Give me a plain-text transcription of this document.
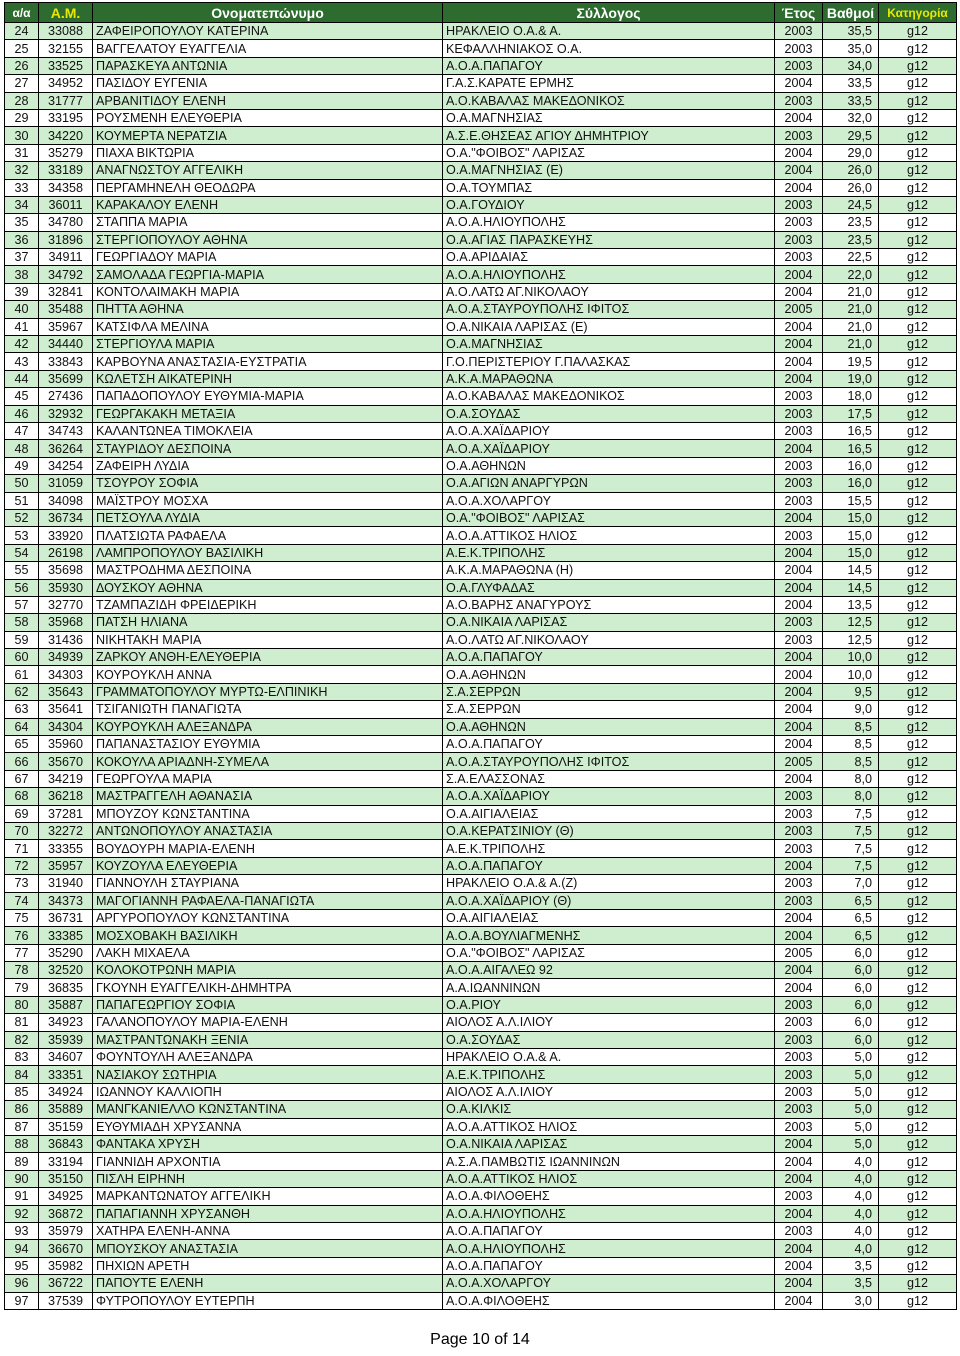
α/α	Α.Μ.	Ονοματεπώνυμο	Σύλλογος	Έτος	Βαθμοί	Κατηγορία
24	33088	ΖΑΦΕΙΡΟΠΟΥΛΟΥ ΚΑΤΕΡΙΝΑ	ΗΡΑΚΛΕΙΟ Ο.Α.& Α.	2003	35,5	g12
25	32155	ΒΑΓΓΕΛΑΤΟΥ ΕΥΑΓΓΕΛΙΑ	ΚΕΦΑΛΛΗΝΙΑΚΟΣ Ο.Α.	2003	35,0	g12
26	33525	ΠΑΡΑΣΚΕΥΑ ΑΝΤΩΝΙΑ	Α.Ο.Α.ΠΑΠΑΓΟΥ	2003	34,0	g12
27	34952	ΠΑΣΙΔΟΥ ΕΥΓΕΝΙΑ	Γ.Α.Σ.ΚΑΡΑΤΕ ΕΡΜΗΣ	2004	33,5	g12
28	31777	ΑΡΒΑΝΙΤΙΔΟΥ ΕΛΕΝΗ	Α.Ο.ΚΑΒΑΛΑΣ ΜΑΚΕΔΟΝΙΚΟΣ	2003	33,5	g12
29	33195	ΡΟΥΣΜΕΝΗ ΕΛΕΥΘΕΡΙΑ	Ο.Α.ΜΑΓΝΗΣΙΑΣ	2004	32,0	g12
30	34220	ΚΟΥΜΕΡΤΑ ΝΕΡΑΤΖΙΑ	Α.Σ.Ε.ΘΗΣΕΑΣ ΑΓΙΟΥ ΔΗΜΗΤΡΙΟΥ	2003	29,5	g12
31	35279	ΠΙΑΧΑ ΒΙΚΤΩΡΙΑ	Ο.Α."ΦΟΙΒΟΣ" ΛΑΡΙΣΑΣ	2004	29,0	g12
32	33189	ΑΝΑΓΝΩΣΤΟΥ ΑΓΓΕΛΙΚΗ	Ο.Α.ΜΑΓΝΗΣΙΑΣ (Ε)	2004	26,0	g12
33	34358	ΠΕΡΓΑΜΗΝΕΛΗ ΘΕΟΔΩΡΑ	Ο.Α.ΤΟΥΜΠΑΣ	2004	26,0	g12
34	36011	ΚΑΡΑΚΑΛΟΥ ΕΛΕΝΗ	Ο.Α.ΓΟΥΔΙΟΥ	2003	24,5	g12
35	34780	ΣΤΑΠΠΑ ΜΑΡΙΑ	Α.Ο.Α.ΗΛΙΟΥΠΟΛΗΣ	2003	23,5	g12
36	31896	ΣΤΕΡΓΙΟΠΟΥΛΟΥ ΑΘΗΝΑ	Ο.Α.ΑΓΙΑΣ ΠΑΡΑΣΚΕΥΗΣ	2003	23,5	g12
37	34911	ΓΕΩΡΓΙΑΔΟΥ ΜΑΡΙΑ	Ο.Α.ΑΡΙΔΑΙΑΣ	2003	22,5	g12
38	34792	ΣΑΜΟΛΑΔΑ ΓΕΩΡΓΙΑ-ΜΑΡΙΑ	Α.Ο.Α.ΗΛΙΟΥΠΟΛΗΣ	2004	22,0	g12
39	32841	ΚΟΝΤΟΛΑΙΜΑΚΗ ΜΑΡΙΑ	Α.Ο.ΛΑΤΩ ΑΓ.ΝΙΚΟΛΑΟΥ	2004	21,0	g12
40	35488	ΠΗΤΤΑ ΑΘΗΝΑ	Α.Ο.Α.ΣΤΑΥΡΟΥΠΟΛΗΣ ΙΦΙΤΟΣ	2005	21,0	g12
41	35967	ΚΑΤΣΙΦΛΑ ΜΕΛΙΝΑ	Ο.Α.ΝΙΚΑΙΑ ΛΑΡΙΣΑΣ (Ε)	2004	21,0	g12
42	34440	ΣΤΕΡΓΙΟΥΛΑ ΜΑΡΙΑ	Ο.Α.ΜΑΓΝΗΣΙΑΣ	2004	21,0	g12
43	33843	ΚΑΡΒΟΥΝΑ ΑΝΑΣΤΑΣΙΑ-ΕΥΣΤΡΑΤΙΑ	Γ.Ο.ΠΕΡΙΣΤΕΡΙΟΥ Γ.ΠΑΛΑΣΚΑΣ	2004	19,5	g12
44	35699	ΚΩΛΕΤΣΗ ΑΙΚΑΤΕΡΙΝΗ	Α.Κ.Α.ΜΑΡΑΘΩΝΑ	2004	19,0	g12
45	27436	ΠΑΠΑΔΟΠΟΥΛΟΥ ΕΥΘΥΜΙΑ-ΜΑΡΙΑ	Α.Ο.ΚΑΒΑΛΑΣ ΜΑΚΕΔΟΝΙΚΟΣ	2003	18,0	g12
46	32932	ΓΕΩΡΓΑΚΑΚΗ ΜΕΤΑΞΙΑ	Ο.Α.ΣΟΥΔΑΣ	2003	17,5	g12
47	34743	ΚΑΛΑΝΤΩΝΕΑ ΤΙΜΟΚΛΕΙΑ	Α.Ο.Α.ΧΑΪΔΑΡΙΟΥ	2003	16,5	g12
48	36264	ΣΤΑΥΡΙΔΟΥ ΔΕΣΠΟΙΝΑ	Α.Ο.Α.ΧΑΪΔΑΡΙΟΥ	2004	16,5	g12
49	34254	ΖΑΦΕΙΡΗ ΛΥΔΙΑ	Ο.Α.ΑΘΗΝΩΝ	2003	16,0	g12
50	31059	ΤΣΟΥΡΟΥ ΣΟΦΙΑ	Ο.Α.ΑΓΙΩΝ ΑΝΑΡΓΥΡΩΝ	2003	16,0	g12
51	34098	ΜΑΪΣΤΡΟΥ ΜΟΣΧΑ	Α.Ο.Α.ΧΟΛΑΡΓΟΥ	2003	15,5	g12
52	36734	ΠΕΤΣΟΥΛΑ ΛΥΔΙΑ	Ο.Α."ΦΟΙΒΟΣ" ΛΑΡΙΣΑΣ	2004	15,0	g12
53	33920	ΠΛΑΤΣΙΩΤΑ ΡΑΦΑΕΛΑ	Α.Ο.Α.ΑΤΤΙΚΟΣ ΗΛΙΟΣ	2003	15,0	g12
54	26198	ΛΑΜΠΡΟΠΟΥΛΟΥ ΒΑΣΙΛΙΚΗ	Α.Ε.Κ.ΤΡΙΠΟΛΗΣ	2004	15,0	g12
55	35698	ΜΑΣΤΡΟΔΗΜΑ ΔΕΣΠΟΙΝΑ	Α.Κ.Α.ΜΑΡΑΘΩΝΑ (Η)	2004	14,5	g12
56	35930	ΔΟΥΣΚΟΥ ΑΘΗΝΑ	Ο.Α.ΓΛΥΦΑΔΑΣ	2004	14,5	g12
57	32770	ΤΖΑΜΠΑΖΙΔΗ ΦΡΕΙΔΕΡΙΚΗ	Α.Ο.ΒΑΡΗΣ ΑΝΑΓΥΡΟΥΣ	2004	13,5	g12
58	35968	ΠΑΤΣΗ ΗΛΙΑΝΑ	Ο.Α.ΝΙΚΑΙΑ ΛΑΡΙΣΑΣ	2003	12,5	g12
59	31436	ΝΙΚΗΤΑΚΗ ΜΑΡΙΑ	Α.Ο.ΛΑΤΩ ΑΓ.ΝΙΚΟΛΑΟΥ	2003	12,5	g12
60	34939	ΖΑΡΚΟΥ ΑΝΘΗ-ΕΛΕΥΘΕΡΙΑ	Α.Ο.Α.ΠΑΠΑΓΟΥ	2004	10,0	g12
61	34303	ΚΟΥΡΟΥΚΛΗ ΑΝΝΑ	Ο.Α.ΑΘΗΝΩΝ	2004	10,0	g12
62	35643	ΓΡΑΜΜΑΤΟΠΟΥΛΟΥ ΜΥΡΤΩ-ΕΛΠΙΝΙΚΗ	Σ.Α.ΣΕΡΡΩΝ	2004	9,5	g12
63	35641	ΤΣΙΓΑΝΙΩΤΗ ΠΑΝΑΓΙΩΤΑ	Σ.Α.ΣΕΡΡΩΝ	2004	9,0	g12
64	34304	ΚΟΥΡΟΥΚΛΗ ΑΛΕΞΑΝΔΡΑ	Ο.Α.ΑΘΗΝΩΝ	2004	8,5	g12
65	35960	ΠΑΠΑΝΑΣΤΑΣΙΟΥ ΕΥΘΥΜΙΑ	Α.Ο.Α.ΠΑΠΑΓΟΥ	2004	8,5	g12
66	35670	ΚΟΚΟΥΛΑ ΑΡΙΑΔΝΗ-ΣΥΜΕΛΑ	Α.Ο.Α.ΣΤΑΥΡΟΥΠΟΛΗΣ ΙΦΙΤΟΣ	2005	8,5	g12
67	34219	ΓΕΩΡΓΟΥΛΑ ΜΑΡΙΑ	Σ.Α.ΕΛΑΣΣΟΝΑΣ	2004	8,0	g12
68	36218	ΜΑΣΤΡΑΓΓΕΛΗ ΑΘΑΝΑΣΙΑ	Α.Ο.Α.ΧΑΪΔΑΡΙΟΥ	2003	8,0	g12
69	37281	ΜΠΟΥΖΟΥ ΚΩΝΣΤΑΝΤΙΝΑ	Ο.Α.ΑΙΓΙΑΛΕΙΑΣ	2003	7,5	g12
70	32272	ΑΝΤΩΝΟΠΟΥΛΟΥ ΑΝΑΣΤΑΣΙΑ	Ο.Α.ΚΕΡΑΤΣΙΝΙΟΥ (Θ)	2003	7,5	g12
71	33355	ΒΟΥΔΟΥΡΗ ΜΑΡΙΑ-ΕΛΕΝΗ	Α.Ε.Κ.ΤΡΙΠΟΛΗΣ	2003	7,5	g12
72	35957	ΚΟΥΖΟΥΛΑ ΕΛΕΥΘΕΡΙΑ	Α.Ο.Α.ΠΑΠΑΓΟΥ	2004	7,5	g12
73	31940	ΓΙΑΝΝΟΥΛΗ ΣΤΑΥΡΙΑΝΑ	ΗΡΑΚΛΕΙΟ Ο.Α.& Α.(Ζ)	2003	7,0	g12
74	34373	ΜΑΓΟΓΙΑΝΝΗ ΡΑΦΑΕΛΑ-ΠΑΝΑΓΙΩΤΑ	Α.Ο.Α.ΧΑΪΔΑΡΙΟΥ (Θ)	2003	6,5	g12
75	36731	ΑΡΓΥΡΟΠΟΥΛΟΥ ΚΩΝΣΤΑΝΤΙΝΑ	Ο.Α.ΑΙΓΙΑΛΕΙΑΣ	2004	6,5	g12
76	33385	ΜΟΣΧΟΒΑΚΗ ΒΑΣΙΛΙΚΗ	Α.Ο.Α.ΒΟΥΛΙΑΓΜΕΝΗΣ	2004	6,5	g12
77	35290	ΛΑΚΗ ΜΙΧΑΕΛΑ	Ο.Α."ΦΟΙΒΟΣ" ΛΑΡΙΣΑΣ	2005	6,0	g12
78	32520	ΚΟΛΟΚΟΤΡΩΝΗ ΜΑΡΙΑ	Α.Ο.Α.ΑΙΓΑΛΕΩ 92	2004	6,0	g12
79	36835	ΓΚΟΥΝΗ ΕΥΑΓΓΕΛΙΚΗ-ΔΗΜΗΤΡΑ	Α.Α.ΙΩΑΝΝΙΝΩΝ	2004	6,0	g12
80	35887	ΠΑΠΑΓΕΩΡΓΙΟΥ ΣΟΦΙΑ	Ο.Α.ΡΙΟΥ	2003	6,0	g12
81	34923	ΓΑΛΑΝΟΠΟΥΛΟΥ ΜΑΡΙΑ-ΕΛΕΝΗ	ΑΙΟΛΟΣ Α.Λ.ΙΛΙΟΥ	2003	6,0	g12
82	35939	ΜΑΣΤΡΑΝΤΩΝΑΚΗ ΞΕΝΙΑ	Ο.Α.ΣΟΥΔΑΣ	2003	6,0	g12
83	34607	ΦΟΥΝΤΟΥΛΗ ΑΛΕΞΑΝΔΡΑ	ΗΡΑΚΛΕΙΟ Ο.Α.& Α.	2003	5,0	g12
84	33351	ΝΑΣΙΑΚΟΥ ΣΩΤΗΡΙΑ	Α.Ε.Κ.ΤΡΙΠΟΛΗΣ	2003	5,0	g12
85	34924	ΙΩΑΝΝΟΥ ΚΑΛΛΙΟΠΗ	ΑΙΟΛΟΣ Α.Λ.ΙΛΙΟΥ	2003	5,0	g12
86	35889	ΜΑΝΓΚΑΝΙΕΛΛΟ ΚΩΝΣΤΑΝΤΙΝΑ	Ο.Α.ΚΙΛΚΙΣ	2003	5,0	g12
87	35159	ΕΥΘΥΜΙΑΔΗ ΧΡΥΣΑΝΝΑ	Α.Ο.Α.ΑΤΤΙΚΟΣ ΗΛΙΟΣ	2003	5,0	g12
88	36843	ΦΑΝΤΑΚΑ ΧΡΥΣΗ	Ο.Α.ΝΙΚΑΙΑ ΛΑΡΙΣΑΣ	2004	5,0	g12
89	33194	ΓΙΑΝΝΙΔΗ ΑΡΧΟΝΤΙΑ	Α.Σ.Α.ΠΑΜΒΩΤΙΣ ΙΩΑΝΝΙΝΩΝ	2004	4,0	g12
90	35150	ΠΙΣΛΗ ΕΙΡΗΝΗ	Α.Ο.Α.ΑΤΤΙΚΟΣ ΗΛΙΟΣ	2004	4,0	g12
91	34925	ΜΑΡΚΑΝΤΩΝΑΤΟΥ ΑΓΓΕΛΙΚΗ	Α.Ο.Α.ΦΙΛΟΘΕΗΣ	2003	4,0	g12
92	36872	ΠΑΠΑΓΙΑΝΝΗ ΧΡΥΣΑΝΘΗ	Α.Ο.Α.ΗΛΙΟΥΠΟΛΗΣ	2004	4,0	g12
93	35979	ΧΑΤΗΡΑ ΕΛΕΝΗ-ΑΝΝΑ	Α.Ο.Α.ΠΑΠΑΓΟΥ	2003	4,0	g12
94	36670	ΜΠΟΥΣΚΟΥ ΑΝΑΣΤΑΣΙΑ	Α.Ο.Α.ΗΛΙΟΥΠΟΛΗΣ	2004	4,0	g12
95	35982	ΠΗΧΙΩΝ ΑΡΕΤΗ	Α.Ο.Α.ΠΑΠΑΓΟΥ	2004	3,5	g12
96	36722	ΠΑΠΟΥΤΕ ΕΛΕΝΗ	Α.Ο.Α.ΧΟΛΑΡΓΟΥ	2004	3,5	g12
97	37539	ΦΥΤΡΟΠΟΥΛΟΥ ΕΥΤΕΡΠΗ	Α.Ο.Α.ΦΙΛΟΘΕΗΣ	2004	3,0	g12
Page 10 of 14
